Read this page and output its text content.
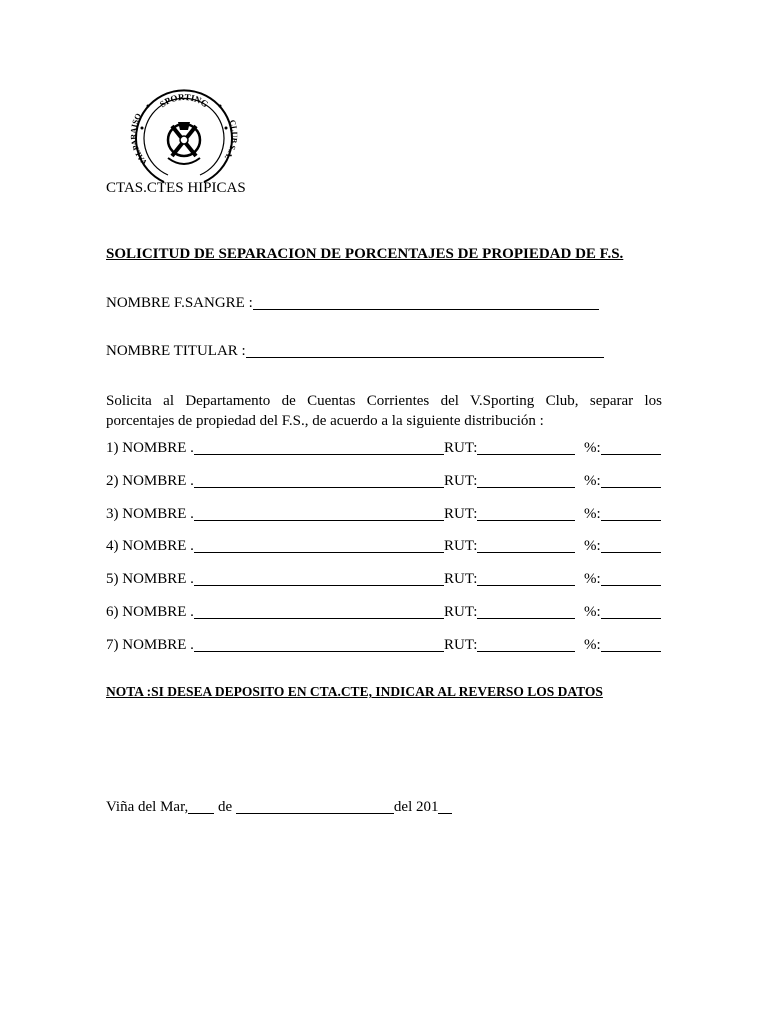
SPORTING
VALPARAISO
CLUB S.A.
CTAS.CTES HIPICAS
SOLICITUD DE SEPARACION DE PORCENTAJES DE PROPIEDAD DE F.S.
NOMBRE F.SANGRE :
NOMBRE TITULAR :
Solicita al Departamento de Cuentas Corrientes del V.Sporting Club, separar los
porcentajes de propiedad del F.S., de acuerdo a la siguiente distribución :
1) NOMBRE .	RUT:	%:
2) NOMBRE .	RUT:	%:
3) NOMBRE .	RUT:	%:
4) NOMBRE .	RUT:	%:
5) NOMBRE .	RUT:	%:
6) NOMBRE .	RUT:	%:
7) NOMBRE .	RUT:	%:
NOTA :SI DESEA DEPOSITO EN CTA.CTE, INDICAR AL REVERSO LOS DATOS
Viña del Mar, de	del 201
